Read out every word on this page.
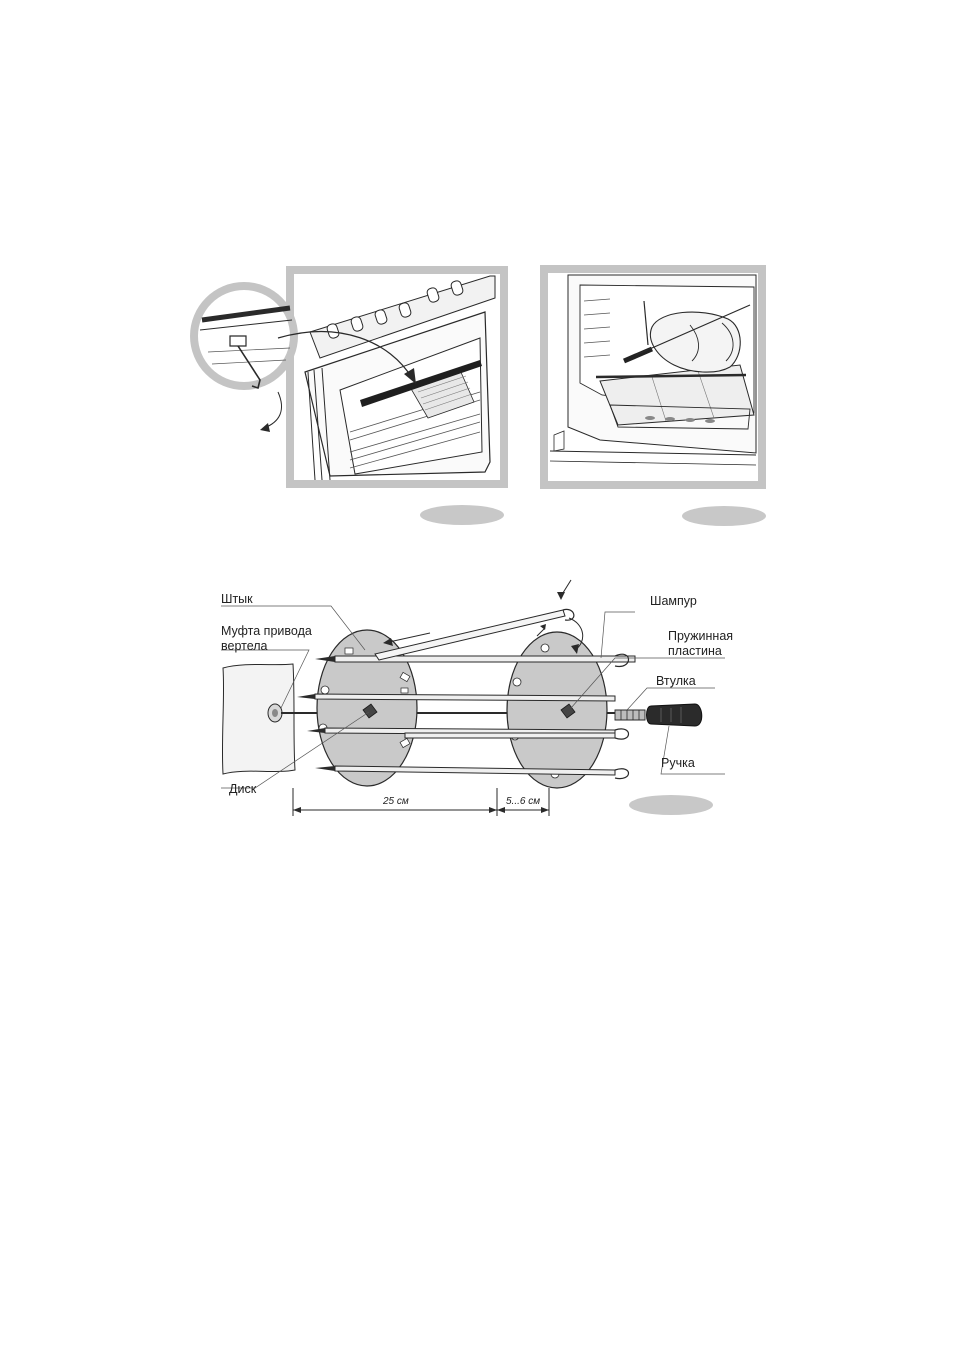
Штык
Муфта привода
вертела
Диск
Шампур
Пружинная
пластина
Втулка
Ручка
25 см	5...6 см
